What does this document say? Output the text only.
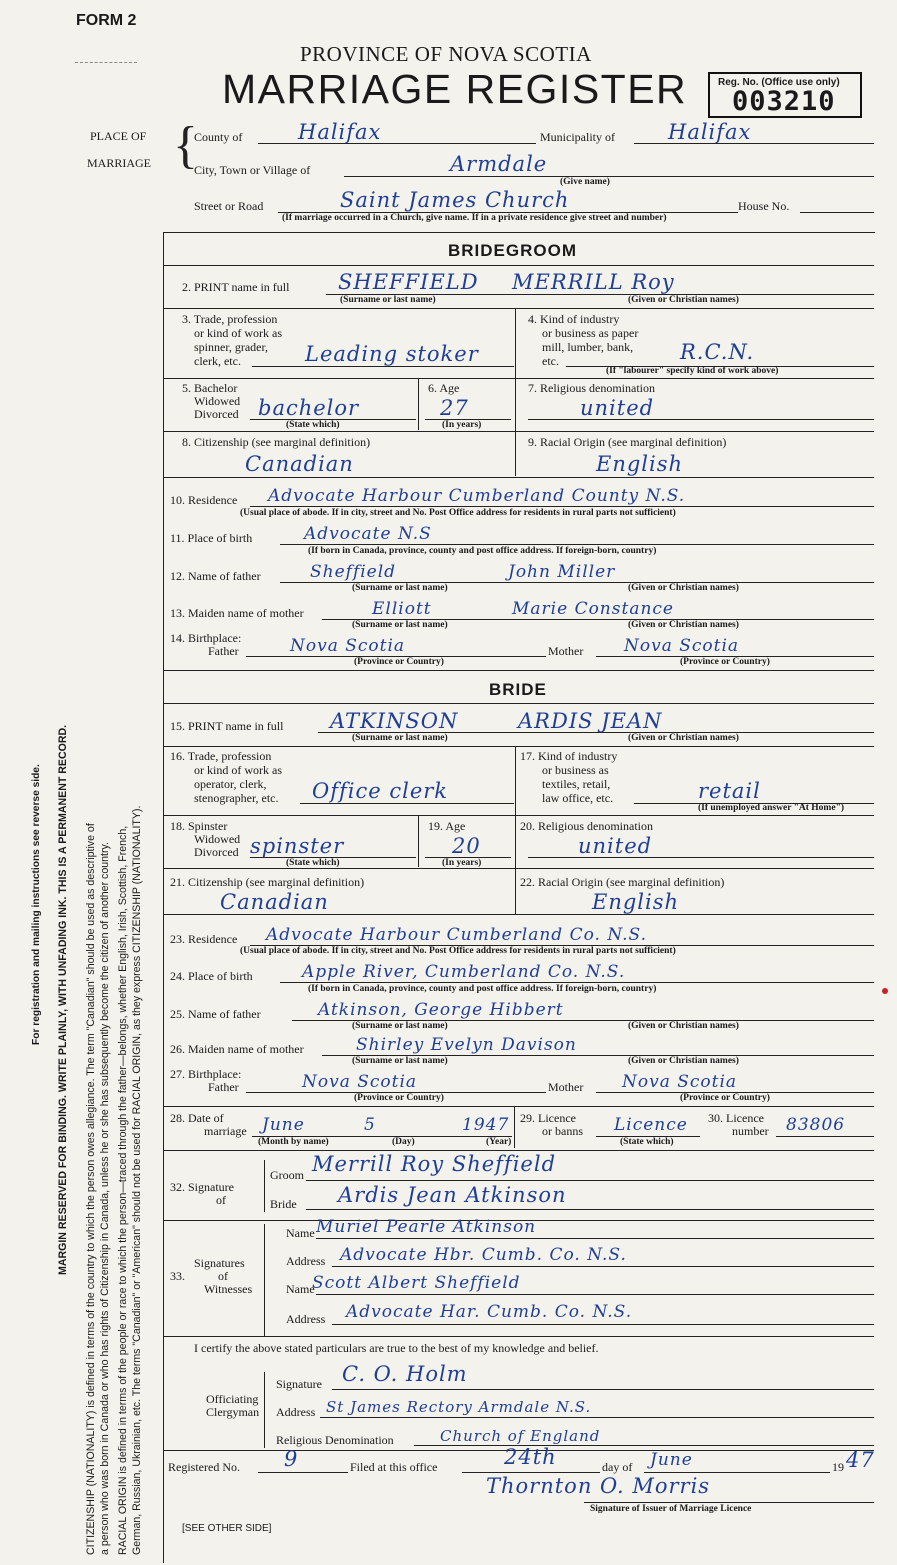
FORM 2
PROVINCE OF NOVA SCOTIA
MARRIAGE REGISTER	Reg. No. (Office use only)
003210
PLACE OF
MARRIAGE {
County of	Halifax	Municipality of	Halifax
City, Town or Village of	Armdale
(Give name)
Street or Road	Saint James Church	House No.
(If marriage occurred in a Church, give name. If in a private residence give street and number)
BRIDEGROOM
2. PRINT name in full SHEFFIELD MERRILL Roy
(Surname or last name)	(Given or Christian names)
3. Trade, profession
or kind of work as
spinner, grader,
clerk, etc.	Leading stoker
4. Kind of industry
or business as paper
mill, lumber, bank,
etc.	R.C.N.
(If "labourer" specify kind of work above)
5. Bachelor
Widowed
Divorced bachelor
(State which)
6. Age
27
(In years)
7. Religious denomination
united
8. Citizenship (see marginal definition)
Canadian
9. Racial Origin (see marginal definition)
English
10. Residence Advocate Harbour Cumberland County N.S.
(Usual place of abode. If in city, street and No. Post Office address for residents in rural parts not sufficient)
11. Place of birth	Advocate N.S
(If born in Canada, province, county and post office address. If foreign-born, country)
12. Name of father	Sheffield	John Miller
(Surname or last name)	(Given or Christian names)
13. Maiden name of mother	Elliott	Marie Constance
(Surname or last name)	(Given or Christian names)
14. Birthplace:
Father	Nova Scotia	Mother Nova Scotia
(Province or Country)	(Province or Country)
BRIDE
15. PRINT name in full ATKINSON	ARDIS JEAN
(Surname or last name)	(Given or Christian names)
16. Trade, profession
or kind of work as
operator, clerk,
stenographer, etc. Office clerk
17. Kind of industry
or business as
textiles, retail,
law office, etc.	retail
(If unemployed answer "At Home")
18. Spinster
Widowed
Divorced spinster
(State which)
19. Age
20
(In years)
20. Religious denomination
united
21. Citizenship (see marginal definition)
Canadian
22. Racial Origin (see marginal definition)
English
23. Residence Advocate Harbour Cumberland Co. N.S.
(Usual place of abode. If in city, street and No. Post Office address for residents in rural parts not sufficient)
24. Place of birth	Apple River, Cumberland Co. N.S.
(If born in Canada, province, county and post office address. If foreign-born, country)
25. Name of father	Atkinson, George Hibbert
(Surname or last name)	(Given or Christian names)
26. Maiden name of mother	Shirley Evelyn Davison
(Surname or last name)	(Given or Christian names)
27. Birthplace:
Father	Nova Scotia	Mother Nova Scotia
(Province or Country)	(Province or Country)
28. Date of
marriage June	5	1947
(Month by name)	(Day)	(Year)
29. Licence
or banns Licence
(State which)
30. Licence
number 83806
32. Signature
of
Groom Merrill Roy Sheffield
Bride Ardis Jean Atkinson
33.
Signatures
of
Witnesses
Name Muriel Pearle Atkinson
Address Advocate Hbr. Cumb. Co. N.S.
Name
Scott Albert Sheffield
Address Advocate Har. Cumb. Co. N.S.
I certify the above stated particulars are true to the best of my knowledge and belief.
Signature C. O. Holm
Officiating
Clergyman Address St James Rectory Armdale N.S.
Religious Denomination	Church of England
Registered No. 9	Filed at this office	24th	day of June	19 47
Thornton O. Morris
Signature of Issuer of Marriage Licence
[SEE OTHER SIDE]
For registration and mailing instructions see reverse side. MARGIN RESERVED FOR BINDING. WRITE PLAINLY, WITH UNFADING INK. THIS IS A PERMANENT RECORD. CITIZENSHIP (NATIONALITY) is defined in terms of the country to which the person owes allegiance. The term "Canadian" should be used as descriptive of a person who was born in Canada or who has rights of Citizenship in Canada, unless he or she has subsequently become the citizen of another country. RACIAL ORIGIN is defined in terms of the people or race to which the person—traced through the father—belongs, whether English, Irish, Scottish, French, German, Russian, Ukrainian, etc. The terms "Canadian" or "American" should not be used for RACIAL ORIGIN, as they express CITIZENSHIP (NATIONALITY).
